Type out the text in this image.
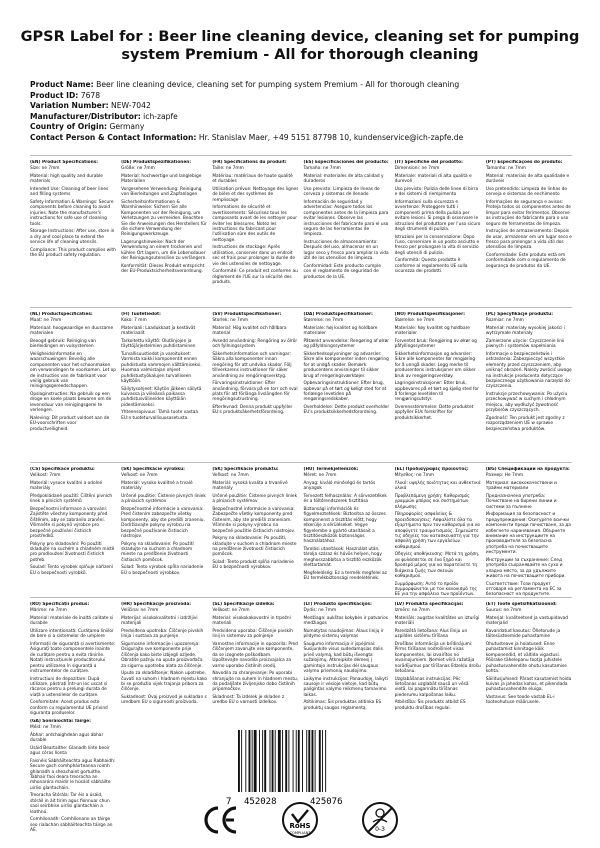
GPSR Label for : Beer line cleaning device, cleaning set for pumping system Premium - All for thorough cleaning
Product Name: Beer line cleaning device, cleaning set for pumping system Premium - All for thorough cleaning
Product ID: 7678
Variation Number: NEW-7042
Manufacturer/Distributor: ich-zapfe
Country of Origin: Germany
Contact Person & Contact Information: Hr. Stanislav Maer, +49 5151 87798 10, kundenservice@ich-zapfe.de
(EN) Product Specifications:

Size: ne 7mm

Material: high quality and durable materials

Intended Use: Cleaning of beer lines and filling systems

Safety Information & Warnings: Secure components before cleaning to avoid injuries. Note the manufacturer's instructions for safe use of cleaning tools.

Storage Instructions: After use, store in a dry and cool place to extend the service life of cleaning utensils.

Compliance: This product complies with the EU product safety regulation.

(DE) Produktspezifikationen:

Größe: ne 7mm

Material: hochwertige und langlebige Materialien

Vorgesehene Verwendung: Reinigung von Bierleitungen und Zapfanlagen

Sicherheitsinformationen & Warnhinweise: Sichern Sie alle Komponenten vor der Reinigung, um Verletzungen zu vermeiden. Beachten Sie die Anweisungen des Herstellers für die sichere Verwendung der Reinigungswerkzeuge.

Lagerungshinweise: Nach der Verwendung an einem trockenen und kühlen Ort lagern, um die Lebensdauer der Reinigungsutensilien zu verlängern.

Konformität: Dieses Produkt entspricht der EU-Produktsicherheitsverordnung.

(FR) Spécifications du produit:

Taille: ne 7mm

Matériau: matériaux de haute qualité et durables

Utilisation prévue: Nettoyage des lignes de bière et des systèmes de remplissage

Informations de sécurité et avertissements: Sécurisez tous les composants avant de les nettoyer pour éviter les blessures. Notez les instructions du fabricant pour l'utilisation sûre des outils de nettoyage.

Instructions de stockage: Après utilisation, conserver dans un endroit sec et frais pour prolonger la durée de vie des ustensiles de nettoyage.

Conformité: Ce produit est conforme au règlement de l'UE sur la sécurité des produits.

(ES) Especificaciones del producto:

Tamaño: ne 7mm

Material: materiales de alta calidad y duraderos

Uso previsto: Limpieza de líneas de cerveza y sistemas de llenado

Información de seguridad y advertencias: Asegure todos los componentes antes de la limpieza para evitar lesiones. Observe las instrucciones del fabricante para el uso seguro de las herramientas de limpieza.

Instrucciones de almacenamiento: Después del uso, almacenar en un lugar seco y fresco para ampliar la vida útil de los utensilios de limpieza.

Conformidad: Este producto cumple con el reglamento de seguridad de productos de la UE.

(IT) Specifiche del prodotto:

Dimensioni: ne 7mm

Materiale: materiali di alta qualità e durevoli

Uso previsto: Pulizia delle linee di birra e dei sistemi di riempimento

Informazioni sulla sicurezza e avvertenze: Proteggere tutti i componenti prima della pulizia per evitare lesioni. Si prega di osservare le istruzioni del produttore per l'uso sicuro degli strumenti di pulizia.

Istruzioni per la conservazione: Dopo l'uso, conservare in un posto asciutto e fresco per prolungare la vita di servizio degli utensili di pulizia.

Conformità: Questo prodotto è conforme al regolamento UE sulla sicurezza dei prodotti.

(PT) Especificações do produto:

Tamanho: ne 7mm

Material: materiais de alta qualidade e duráveis

Uso pretendido: Limpeza de linhas de cerveja e sistemas de enchimento

Informações de segurança e avisos: Proteja todos os componentes antes de limpar para evitar ferimentos. Observe as instruções do fabricante para o uso seguro de ferramentas de limpeza.

Instruções de armazenamento: Depois de usar, armazenar em um lugar seco e fresco para prolongar a vida útil dos utensílios de limpeza.

Conformidade: Este produto está em conformidade com o regulamento de segurança de produtos da UE.

(NL) Productspecificaties:

Maat: ne 7mm

Materiaal: hoogwaardige en duurzame materialen

Beoogd gebruik: Reiniging van bierleidingen en vulsystemen

Veiligheidsinformatie en waarschuwingen: Beveilig alle componenten voor het schoonmaken om verwondingen te voorkomen. Let op de instructies van de fabrikant voor veilig gebruik van reinigingsgereedschappen.

Opslaginstructies: Na gebruik op een droge en koele plaats bewaren om de levensduur van reinigingsgerei te verlengen.

Naleving: Dit product voldoet aan de EU-voorschriften voor productveiligheid.

(FI) Tuotetiedot:

Koko: 7 mm

Materiaali: Laadukkaat ja kestävät materiaalit

Tarkoitettu käyttö: Olutlinjojen ja täyttöjärjestelmien puhdistaminen

Turvallisuustiedot ja varoitukset: Varmista kaikki komponentit ennen puhdistusta vammojen välttämiseksi. Huomaa valmistajan ohjeet puhdistustyökalujen turvalliseen käyttöön.

Säilytysohjeet: Käytön jälkeen säilytä kuivassa ja viileässä paikassa puhdistusvälineiden käyttöiän pidentämiseksi.

Yhteensopivuus: Tämä tuote vastaa EU:n tuoteturvallisuusasetusta.

(SV) Produktspecifikationer:

Storlek: ne 7mm

Material: Hög kvalitet och hållbara material

Avsedd användning: Rengöring av ölrör och fyllningssystem

Säkerhetsinformation och varningar: Säkra alla komponenter innan rengöring för att undvika skador. Följ tillverkarens instruktioner för säker användning av rengöringsverktyg.

Förvaringsinstruktioner: Efter användning, förvara på en torr och sval plats för att förlänga livslängden för rengöringsutrustning.

Efterlevnad: Denna produkt uppfyller EU:s produktsäkerhetsförordning.

(DA) Produktspecifikationer:

Størrelse: ne 7mm

Materiale: høj kvalitet og holdbare materialer

Påtænkt anvendelse: Rengøring af ølrør og påfyldningssystemer

Sikkerhedsoplysninger og advarsler: Sikre alle komponenter inden rengøring for at undgå skader. Bemærk producentens anvisninger til sikker brug af rengøringsværktøjer.

Opbevaringsinstruktioner: Efter brug, opbevar på et tørt og køligt sted for at forlænge levetiden på rengøringsredskaber.

Overholdelse: Dette produkt overholder EU's produktsikkerhedsforordning.

(NO) Produktspesifikasjoner:

Størrelse: ne 7mm

Materiale: høy kvalitet og holdbare materialer

Forventet bruk: Rengjøring av ølrør og påfyllingssystemer

Sikkerhetsinformasjon og advarsler: Sikre alle komponenter før rengjøring for å unngå skader. Legg merke til produsentens instruksjoner om sikker bruk av rengjøringsverktøy.

Lagringsinstruksjoner: Etter bruk, oppbevares på et tørt og kjølig sted for å forlenge levetiden til rengjøringsutstyr.

Overensstemmelse: Dette produktet oppfyller EUs forskrifter for produktsikkerhet.

(PL) Specyfikacje produktu:

Rozmiar: ne 7mm

Materiał: materiały wysokiej jakości i wytrzymałe materiały

Zamierzone użycie: Czyszczenie linii piwnych i systemów napełniania

Informacje o bezpieczeństwie i ostrzeżenia: Zabezpieczyć wszystkie elementy przed czyszczeniem, aby uniknąć obrażeń. Należy zwrócić uwagę na instrukcje producenta dotyczące bezpiecznego użytkowania narzędzi do czyszczenia.

Instrukcje przechowywania: Po użyciu przechowywać w suchym i chłodnym miejscu, aby wydłużyć żywotność przyborów czyszczących.

Zgodność: Ten produkt jest zgodny z rozporządzeniem UE w sprawie bezpieczeństwa produktów.

(CS) Specifikace produktu:

Velikost: 7mm

Materiál: vysoce kvalitní a odolné materiály

Předpokládané použití: Čištění pivních linek a plnicích systémů

Bezpečnostní informace a varování: Zajistěte všechny komponenty před čištěním, aby se zabránilo zranění. Všimněte si pokynů výrobce pro bezpečné používání čisticích prostředků.

Pokyny pro skladování: Po použití skladujte na suchém a chladném místě pro prodloužení životnosti čisticích potřeb.

Soulad: Tento výrobek splňuje nařízení EU o bezpečnosti výrobků.

(SK) Špecifikácie výrobku:

Veľkosť: ne 7mm

Materiál: vysoko kvalitné a trvalé materiály

Určené použitie: Čistenie pivných liniek a plniacich systémov

Bezpečnostné informácie a varovania: Pred čistením zabezpečte všetky komponenty, aby ste predišli zraneniu. Dodržiavajte pokyny výrobcu na bezpečné používanie čistiacich nástrojov.

Pokyny na skladovanie: Po použití skladujte na suchom a chladnom mieste na predĺženie životnosti čistiacich pomôcok.

Súlad: Tento výrobok spĺňa nariadenie EÚ o bezpečnosti výrobkov.

(SK) Špecifikácie produktu:

Veľkosť: ne 7mm

Materiál: vysoká kvalita a trvanlivé materiály

Určené použitie: Čistenie pivných liniek a plniacich systémov

Bezpečnostné informácie a varovania: Zabezpečte všetky komponenty pred čistením, aby ste predišli zraneniam. Všimnite si pokyny výrobcu na bezpečné použitie čistiacich nástrojov.

Pokyny na skladovanie: Po použití, skladujte v suchom a chladnom mieste na predĺženie životnosti čistiacich pomôcok.

Súlad: Tento produkt spĺňa nariadenie EÚ o bezpečnosti výrobkov.

(HU) Termékjellemzők:

Méret: ne 7mm

Anyag: kiváló minőségű és tartós anyagok

Tervezett felhasználás: A sörvezetékek és a töltőrendszerek tisztítása

Biztonsági információk és figyelmeztetések: Biztosítsa az összes komponenst a tisztítás előtt, hogy elkerülje a sérüléseket. Vegye figyelembe a gyártó utasításait a tisztítóeszközök biztonságos használatához.

Tárolási utasítások: Használat után, tárolja száraz és hűvös helyen, hogy meghosszabbítsa a tisztító eszközök élettartamát.

Megfelelőség: Ez a termék megfelel az EU termékbiztonsági rendeletének.

(EL) Προδιαγραφές προϊόντος:

Μέγεθος: ne 7mm

Υλικό: υψηλής ποιότητας και ανθεκτικά υλικά

Προβλεπόμενη χρήση: Καθαρισμός γραμμών μπύρας και συστημάτων πλήρωσης

Πληροφορίες ασφαλείας & προειδοποιήσεις: Ασφαλίστε όλα τα εξαρτήματα πριν τον καθαρισμό για να αποφύγετε τραυματισμούς. Σημειώστε τις οδηγίες του κατασκευαστή για την ασφαλή χρήση των εργαλείων καθαρισμού.

Οδηγίες αποθήκευσης: Μετά τη χρήση, να φυλάσσεται σε ένα ξηρό και δροσερό μέρος για να παρατείνετε τη διάρκεια ζωής των σκευών καθαρισμού.

Συμμόρφωση: Αυτό το προϊόν συμμορφώνεται με τον κανονισμό της ΕΕ για την ασφάλεια των προϊόντων.

(BG) Спецификации на продукта:

Размер: Не 7mm

Материал: висококачествени и трайни материали

Предназначена употреба: Почистване на бирени линии и системи за пълнене

Информация за безопасност и предупреждения: Осигурете всички компоненти преди почистване, за да избегнете наранявания. Обърнете внимание на инструкциите на производителя за безопасна употреба на почистващите инструменти.

Инструкции за съхранение: След употреба съхранявайте на сухо и хладно място, за да удължите живота на почистващите прибори.

Съответствие: Този продукт отговаря на регламента на ЕС за безопасност на продуктите.

(RO) Specificații produs:

Mărime: ne 7mm

Material: materiale de înaltă calitate și durabile

Utilizare intenționată: Curățarea liniilor de bere și a sistemelor de umplere

Informații de siguranță și avertismente: Asigurați toate componentele înainte de curățare pentru a evita rănirile. Notați instrucțiunile producătorului pentru utilizarea în siguranță a instrumentelor de curățare.

Instrucțiuni de depozitare: După utilizare, păstrați într-un loc uscat și răcoros pentru a prelungi durata de viață a ustensilelor de curățare.

Conformitate: Acest produs este conform cu regulamentul UE privind siguranța produselor.

(HR) Specifikacije proizvoda:

Veličina: ne 7mm

Materijal: visokokvalitetni i izdržljivi materijali

Predviđena upotreba: Čišćenje pivskih linija i sustava za punjenje

Sigurnosne informacije i upozorenja: Osigurajte sve komponente prije čišćenja kako biste izbjegli ozljede. Obratite pažnju na upute proizvođača za sigurnu upotrebu alata za čišćenje.

Upute za skladištenje: Nakon upotrebe, čuvati na suhom i hladnom mjestu kako bi se produžio vijek trajanja pribora za čišćenje.

Sukladnost: Ovaj proizvod je sukladan s uredbom EU o sigurnosti proizvoda.

(SL) Specifikacije izdelka:

Velikost: ne 7mm

Material: visokokakovostni in trpežni materiali

Predvidena uporaba: Čiščenje pivskih linij in sistemov za polnjenje

Varnostne informacije in opozorila: Pred čiščenjem zavarujte vse komponente, da se izognete poškodbam. Upoštevajte navodila proizvajalca za varno uporabo čistilnih orodij.

Navodila za shranjevanje: Po uporabi shranjujte na suhem in hladnem mestu, da podaljšate življenjsko dobo čistilnih pripomočkov.

Skladnost: Ta izdelek je skladen z uredbo EU o varnosti izdelkov.

(LT) Produkto specifikacijos:

Dydis: ne 7mm

Medžiaga: aukštos kokybės ir patvarios medžiagos

Numatytas naudojimas: Alaus linijų ir pildymo sistemų valymas

Saugumo informacija ir įspėjimai: Susijunkite visus sudedamąsias dalis prieš valymą, kad būtų išvengta sužalojimų. Atkreipkite dėmesį į gamintojo instrukcijas dėl saugaus valymo priemonių naudojimo.

Laikymo instrukcijos: Panaudoję, laikyti sausoje ir vėsioje vietoje, kad būtų pailgintas valymo reikmenų tarnavimo laikas.

Atitikimas: Šis produktas atitinka ES produktų saugos reglamentą.

(LV) Produkta specifikācijas:

Izmērs: ne 7mm

Materiāls: augstas kvalitātes un izturīgi materiāli

Paredzētā lietošana: Alus līniju un uzpildes sistēmu tīrīšana

Drošības informācija un brīdinājumi: Pirms tīrīšanas nodrošiniet visas komponentes, lai izvairītos no ievainojumiem. Ņemiet vērā ražotāja norādījumus par tīrīšanas līdzekļu drošu lietošanu.

Uzglabāšanas instrukcijas: Pēc lietošanas uzglabāt sausā un vēsā vietā, lai pagarinātu tīrīšanas piederumu kalpošanas laiku.

Atbilstība: Šis produkts atbilst ES produktu drošības regulai.

(ET) Toote spetsifikatsioonid:

Suurus: ne 7mm

Materjal: kvaliteetsed ja vastupidavad materjalid

Kavandatud kasutus: Õlletorude ja täitesüsteemide puhastamine

Ohutusteave ja hoiatused: Enne puhastamist kinnitage kõik komponendid, et vältida vigastusi. Pöörake tähelepanu tootja juhistele puhastusvahendite ohutu kasutamise kohta.

Säilitusjuhised: Pärast kasutamist hoida kuivas ja jahedas kohas, et pikendada puhastusvahendite eluiga.

Vastavus: See toode vastab EL-i tooteohutuse määrusele.

(GA) Sonraíochtaí Táirge:

Méid: ne 7mm

Ábhar: ardchaighdeán agus ábhar durable

Úsáid Beartaithe: Glanadh línte beoir agus córas líonta

Faisnéis Sábháilteachta agus Rabhaidh: Secure gach comhpháirteanna roimh ghlanadh a sheachaint gortuithe. Tabhair faoi deara treoracha an mhonaróra maidir le húsáid sábháilte uirlisí glantacháin.

Treoracha Stórála: Tar éis a úsáid, stóráil in áit tirim agus fionnuar chun saol seirbhíse uirlisí glantacháin a leathnú.

Comhlíonadh: Comhlíonann an táirge seo rialachán sábháilteachta táirge an AE.

7 452028	425076
RoHS
COMPLIANT	0-3
